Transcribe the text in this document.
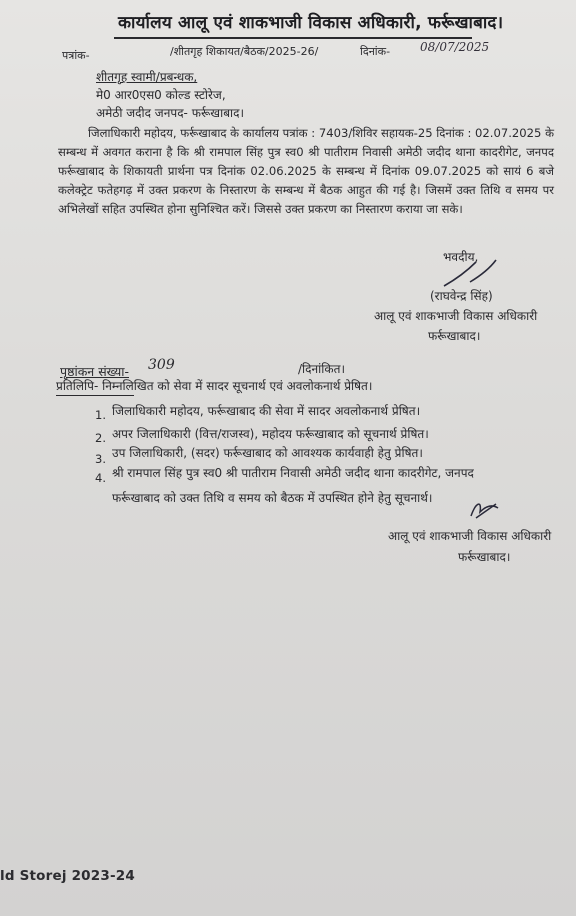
कार्यालय आलू एवं शाकभाजी विकास अधिकारी, फर्रूखाबाद।
पत्रांक-	/शीतगृह शिकायत/बैठक/2025-26/	दिनांक- 08/07/2025
शीतगृह स्वामी/प्रबन्धक,
मे0 आर0एस0 कोल्ड स्टोरेज,
अमेठी जदीद जनपद- फर्रूखाबाद।
जिलाधिकारी महोदय, फर्रूखाबाद के कार्यालय पत्रांक : 7403/शिविर सहायक-25 दिनांक : 02.07.2025 के सम्बन्ध में अवगत कराना है कि श्री रामपाल सिंह पुत्र स्व0 श्री पातीराम निवासी अमेठी जदीद थाना कादरीगेट, जनपद फर्रूखाबाद के शिकायती प्रार्थना पत्र दिनांक 02.06.2025 के सम्बन्ध में दिनांक 09.07.2025 को सायं 6 बजे कलेक्ट्रेट फतेहगढ़ में उक्त प्रकरण के निस्तारण के सम्बन्ध में बैठक आहुत की गई है। जिसमें उक्त तिथि व समय पर अभिलेखों सहित उपस्थित होना सुनिश्चित करें। जिससे उक्त प्रकरण का निस्तारण कराया जा सके।
भवदीय,
(राघवेन्द्र सिंह)
आलू एवं शाकभाजी विकास अधिकारी
फर्रूखाबाद।
पृष्ठांकन संख्या- 309	/दिनांकित।
प्रतिलिपि- निम्नलिखित को सेवा में सादर सूचनार्थ एवं अवलोकनार्थ प्रेषित।
1. जिलाधिकारी महोदय, फर्रूखाबाद की सेवा में सादर अवलोकनार्थ प्रेषित।
2. अपर जिलाधिकारी (वित्त/राजस्व), महोदय फर्रूखाबाद को सूचनार्थ प्रेषित।
3. उप जिलाधिकारी, (सदर) फर्रूखाबाद को आवश्यक कार्यवाही हेतु प्रेषित।
4. श्री रामपाल सिंह पुत्र स्व0 श्री पातीराम निवासी अमेठी जदीद थाना कादरीगेट, जनपद
फर्रूखाबाद को उक्त तिथि व समय को बैठक में उपस्थित होने हेतु सूचनार्थ।
आलू एवं शाकभाजी विकास अधिकारी
फर्रूखाबाद।
ld Storej 2023-24
